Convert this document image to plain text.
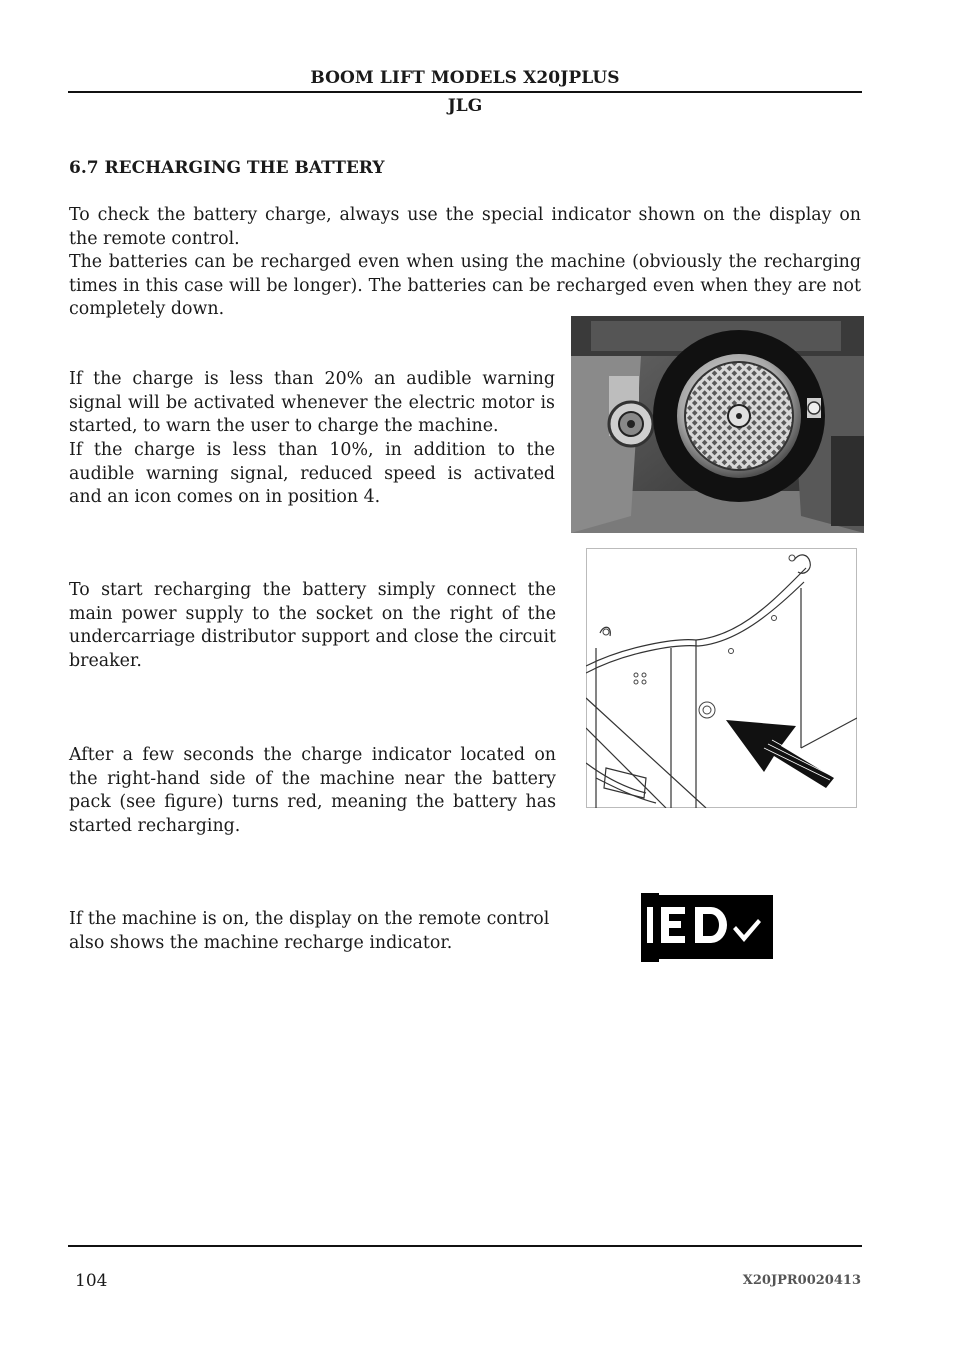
BOOM LIFT MODELS X20JPLUS
JLG
6.7 RECHARGING THE BATTERY

To check the battery charge, always use the special indicator shown on the display on the remote control.

The batteries can be recharged even when using the machine (obviously the recharging times in this case will be longer). The batteries can be recharged even when they are not completely down.

If the charge is less than 20% an audible warning signal will be activated whenever the electric motor is started, to warn the user to charge the machine.

If the charge is less than 10%, in addition to the audible warning signal, reduced speed is activated and an icon comes on in position 4.

To start recharging the battery simply connect the main power supply to the socket on the right of the undercarriage distributor support and close the circuit breaker.

After a few seconds the charge indicator located on the right-hand side of the machine near the battery pack (see figure) turns red, meaning the battery has started recharging.

If the machine is on, the display on the remote control also shows the machine recharge indicator.

104	X20JPR0020413
